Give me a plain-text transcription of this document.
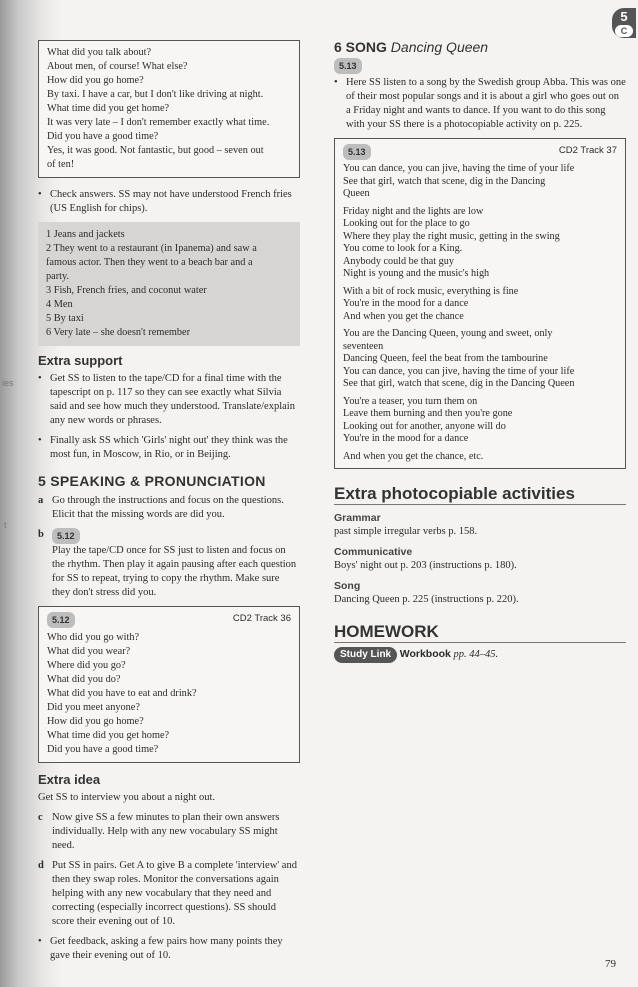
ies
t
5
C
What did you talk about?
About men, of course! What else?
How did you go home?
By taxi. I have a car, but I don't like driving at night.
What time did you get home?
It was very late – I don't remember exactly what time.
Did you have a good time?
Yes, it was good. Not fantastic, but good – seven out
of ten!
• Check answers. SS may not have understood French fries (US English for chips).
1 Jeans and jackets
2 They went to a restaurant (in Ipanema) and saw a
famous actor. Then they went to a beach bar and a
party.
3 Fish, French fries, and coconut water
4 Men
5 By taxi
6 Very late – she doesn't remember
Extra support
• Get SS to listen to the tape/CD for a final time with the tapescript on p. 117 so they can see exactly what Silvia said and see how much they understood. Translate/explain any new words or phrases.
• Finally ask SS which 'Girls' night out' they think was the most fun, in Moscow, in Rio, or in Beijing.
5 SPEAKING & PRONUNCIATION
a Go through the instructions and focus on the questions. Elicit that the missing words are did you.
b	5.12
Play the tape/CD once for SS just to listen and focus on the rhythm. Then play it again pausing after each question for SS to repeat, trying to copy the rhythm. Make sure they don't stress did you.
5.12	CD2 Track 36
Who did you go with?
What did you wear?
Where did you go?
What did you do?
What did you have to eat and drink?
Did you meet anyone?
How did you go home?
What time did you get home?
Did you have a good time?
Extra idea
Get SS to interview you about a night out.
c Now give SS a few minutes to plan their own answers individually. Help with any new vocabulary SS might need.
d Put SS in pairs. Get A to give B a complete 'interview' and then they swap roles. Monitor the conversations again helping with any new vocabulary that they need and correcting (especially incorrect questions). SS should score their evening out of 10.
• Get feedback, asking a few pairs how many points they gave their evening out of 10.
6 SONG Dancing Queen
5.13
• Here SS listen to a song by the Swedish group Abba. This was one of their most popular songs and it is about a girl who goes out on a Friday night and wants to dance. If you want to do this song with your SS there is a photocopiable activity on p. 225.
5.13	CD2 Track 37
You can dance, you can jive, having the time of your life
See that girl, watch that scene, dig in the Dancing
Queen
Friday night and the lights are low
Looking out for the place to go
Where they play the right music, getting in the swing
You come to look for a King.
Anybody could be that guy
Night is young and the music's high
With a bit of rock music, everything is fine
You're in the mood for a dance
And when you get the chance
You are the Dancing Queen, young and sweet, only
seventeen
Dancing Queen, feel the beat from the tambourine
You can dance, you can jive, having the time of your life
See that girl, watch that scene, dig in the Dancing Queen
You're a teaser, you turn them on
Leave them burning and then you're gone
Looking out for another, anyone will do
You're in the mood for a dance
And when you get the chance, etc.
Extra photocopiable activities
Grammar
past simple irregular verbs p. 158.
Communicative
Boys' night out p. 203 (instructions p. 180).
Song
Dancing Queen p. 225 (instructions p. 220).
HOMEWORK
Study Link Workbook pp. 44–45.
79
